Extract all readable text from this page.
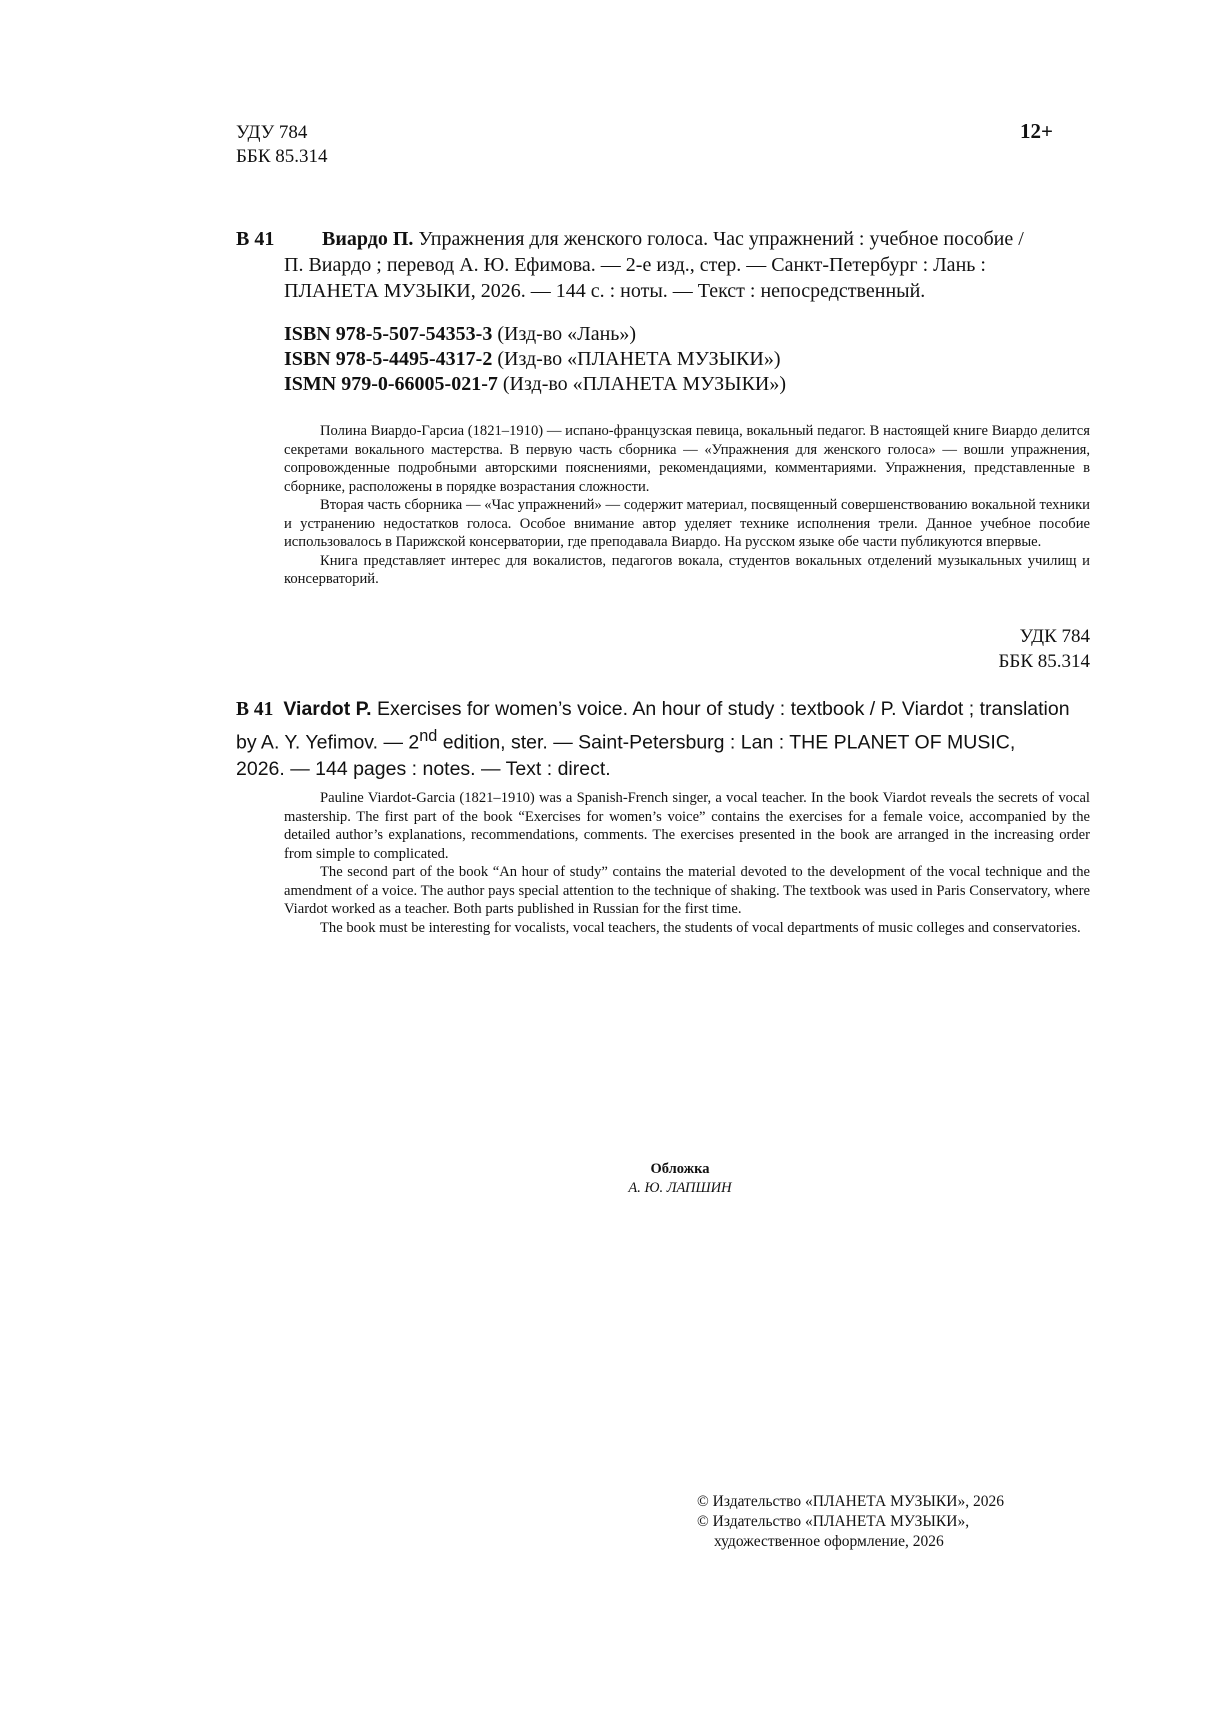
УДУ 784
ББК 85.314
12+
В 41 Виардо П. Упражнения для женского голоса. Час упражнений : учебное пособие /
П. Виардо ; перевод А. Ю. Ефимова. — 2-е изд., стер. — Санкт-Петербург : Лань :
ПЛАНЕТА МУЗЫКИ, 2026. — 144 с. : ноты. — Текст : непосредственный.
ISBN 978-5-507-54353-3 (Изд-во «Лань»)
ISBN 978-5-4495-4317-2 (Изд-во «ПЛАНЕТА МУЗЫКИ»)
ISMN 979-0-66005-021-7 (Изд-во «ПЛАНЕТА МУЗЫКИ»)

Полина Виардо-Гарсиа (1821–1910) — испано-французская певица, вокальный педагог. В настоящей книге Виардо делится секретами вокального мастерства. В первую часть сборника — «Упражнения для женского голоса» — вошли упражнения, сопровожденные подробными авторскими пояснениями, рекомендациями, комментариями. Упражнения, представленные в сборнике, расположены в порядке возрастания сложности.

Вторая часть сборника — «Час упражнений» — содержит материал, посвященный совершенствованию вокальной техники и устранению недостатков голоса. Особое внимание автор уделяет технике исполнения трели. Данное учебное пособие использовалось в Парижской консерватории, где преподавала Виардо. На русском языке обе части публикуются впервые.

Книга представляет интерес для вокалистов, педагогов вокала, студентов вокальных отделений музыкальных училищ и консерваторий.

УДК 784
ББК 85.314
В 41 Viardot P. Exercises for women’s voice. An hour of study : textbook / P. Viardot ; translation
by A. Y. Yefimov. — 2nd edition, ster. — Saint-Petersburg : Lan : THE PLANET OF MUSIC,
2026. — 144 pages : notes. — Text : direct.

Pauline Viardot-Garcia (1821–1910) was a Spanish-French singer, a vocal teacher. In the book Viardot reveals the secrets of vocal mastership. The first part of the book “Exercises for women’s voice” contains the exercises for a female voice, accompanied by the detailed author’s explanations, recommendations, comments. The exercises presented in the book are arranged in the increasing order from simple to complicated.

The second part of the book “An hour of study” contains the material devoted to the development of the vocal technique and the amendment of a voice. The author pays special attention to the technique of shaking. The textbook was used in Paris Conservatory, where Viardot worked as a teacher. Both parts published in Russian for the first time.

The book must be interesting for vocalists, vocal teachers, the students of vocal departments of music colleges and conservatories.

Обложка
А. Ю. ЛАПШИН
© Издательство «ПЛАНЕТА МУЗЫКИ», 2026
© Издательство «ПЛАНЕТА МУЗЫКИ»,
художественное оформление, 2026
